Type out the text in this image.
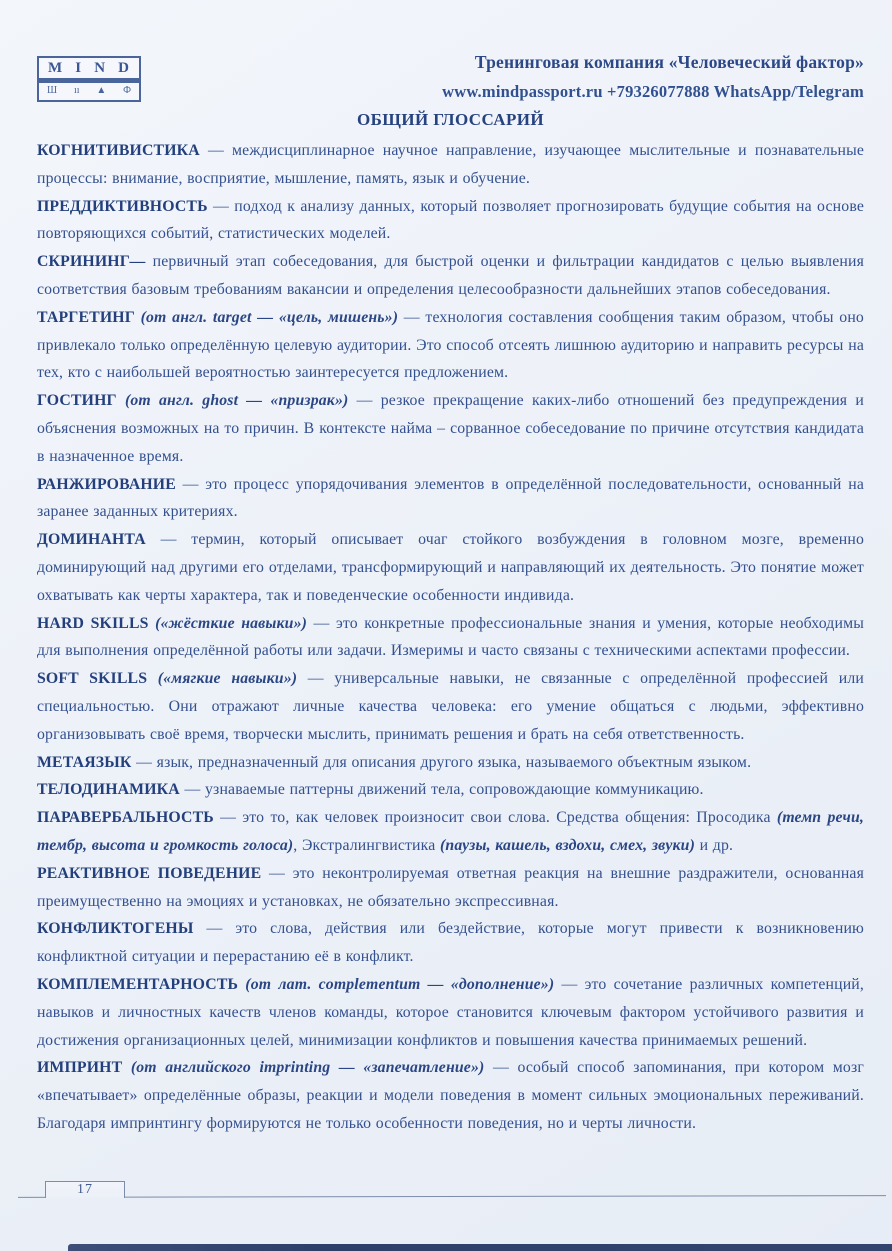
M I N D
Ш ıı ▲ Ф
Тренинговая компания «Человеческий фактор»
www.mindpassport.ru +79326077888 WhatsApp/Telegram
ОБЩИЙ ГЛОССАРИЙ

КОГНИТИВИСТИКА — междисциплинарное научное направление, изучающее мыслительные и познавательные процессы: внимание, восприятие, мышление, память, язык и обучение.

ПРЕДДИКТИВНОСТЬ — подход к анализу данных, который позволяет прогнозировать будущие события на основе повторяющихся событий, статистических моделей.

СКРИНИНГ— первичный этап собеседования, для быстрой оценки и фильтрации кандидатов с целью выявления соответствия базовым требованиям вакансии и определения целесообразности дальнейших этапов собеседования.

ТАРГЕТИНГ (от англ. target — «цель, мишень») — технология составления сообщения таким образом, чтобы оно привлекало только определённую целевую аудитории. Это способ отсеять лишнюю аудиторию и направить ресурсы на тех, кто с наибольшей вероятностью заинтересуется предложением.

ГОСТИНГ (от англ. ghost — «призрак») — резкое прекращение каких-либо отношений без предупреждения и объяснения возможных на то причин. В контексте найма – сорванное собеседование по причине отсутствия кандидата в назначенное время.

РАНЖИРОВАНИЕ — это процесс упорядочивания элементов в определённой последовательности, основанный на заранее заданных критериях.

ДОМИНАНТА — термин, который описывает очаг стойкого возбуждения в головном мозге, временно доминирующий над другими его отделами, трансформирующий и направляющий их деятельность. Это понятие может охватывать как черты характера, так и поведенческие особенности индивида.

HARD SKILLS («жёсткие навыки») — это конкретные профессиональные знания и умения, которые необходимы для выполнения определённой работы или задачи. Измеримы и часто связаны с техническими аспектами профессии.

SOFT SKILLS («мягкие навыки») — универсальные навыки, не связанные с определённой профессией или специальностью. Они отражают личные качества человека: его умение общаться с людьми, эффективно организовывать своё время, творчески мыслить, принимать решения и брать на себя ответственность.

МЕТАЯЗЫК — язык, предназначенный для описания другого языка, называемого объектным языком.

ТЕЛОДИНАМИКА — узнаваемые паттерны движений тела, сопровождающие коммуникацию.

ПАРАВЕРБАЛЬНОСТЬ — это то, как человек произносит свои слова. Средства общения: Просодика (темп речи, тембр, высота и громкость голоса), Экстралингвистика (паузы, кашель, вздохи, смех, звуки) и др.

РЕАКТИВНОЕ ПОВЕДЕНИЕ — это неконтролируемая ответная реакция на внешние раздражители, основанная преимущественно на эмоциях и установках, не обязательно экспрессивная.

КОНФЛИКТОГЕНЫ — это слова, действия или бездействие, которые могут привести к возникновению конфликтной ситуации и перерастанию её в конфликт.

КОМПЛЕМЕНТАРНОСТЬ (от лат. complementum — «дополнение») — это сочетание различных компетенций, навыков и личностных качеств членов команды, которое становится ключевым фактором устойчивого развития и достижения организационных целей, минимизации конфликтов и повышения качества принимаемых решений.

ИМПРИНТ (от английского imprinting — «запечатление») — особый способ запоминания, при котором мозг «впечатывает» определённые образы, реакции и модели поведения в момент сильных эмоциональных переживаний. Благодаря импринтингу формируются не только особенности поведения, но и черты личности.

17
